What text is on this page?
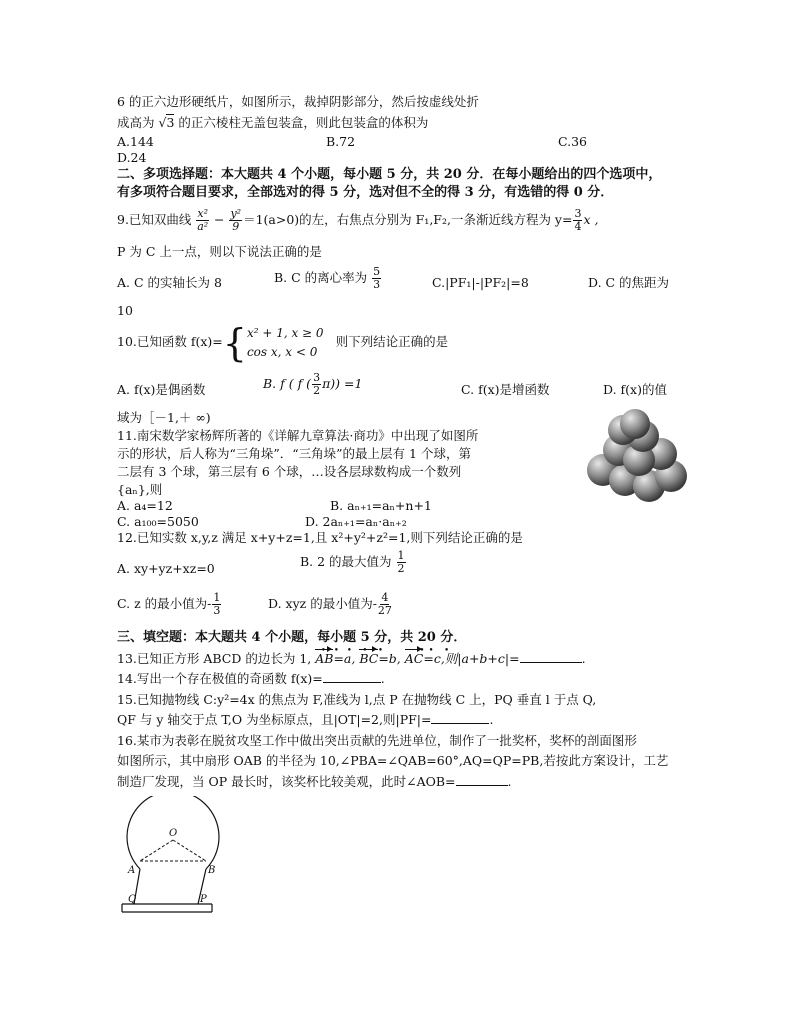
6 的正六边形硬纸片，如图所示，裁掉阴影部分，然后按虚线处折
成高为 √3 的正六棱柱无盖包装盒，则此包装盒的体积为
A.144	B.72	C.36
D.24
二、多项选择题：本大题共 4 个小题，每小题 5 分，共 20 分．在每小题给出的四个选项中，
有多项符合题目要求，全部选对的得 5 分，选对但不全的得 3 分，有选错的得 0 分．
9.已知双曲线 $\frac{\text{x²}}{\text{a²}} - \frac{\text{y²}}{9} =1(a>0)$的左，右焦点分别为 F₁,F₂,一条渐近线方程为 $y= \frac{3}{4}$ x ,
P 为 C 上一点，则以下说法正确的是
A. C 的实轴长为 8	B. C 的离心率为 $\frac{5}{3}$	C.|PF₁|-|PF₂|=8	D. C 的焦距为
10
10.已知函数 f(x)={ x² + 1, x ≥ 0
cos x, x < 0
则下列结论正确的是
A. f(x)是偶函数	B. f ( f ( $\frac{3}{2} \pi)) =1$	C. f(x)是增函数	D. f(x)的值
域为［－1,＋ ∞)
11.南宋数学家杨辉所著的《详解九章算法·商功》中出现了如图所
示的形状，后人称为“三角垛”．“三角垛”的最上层有 1 个球，第
二层有 3 个球，第三层有 6 个球，…设各层球数构成一个数列
{aₙ},则
A. a₄=12	B. aₙ₊₁=aₙ+n+1
C. a₁₀₀=5050	D. 2aₙ₊₁=aₙ·aₙ₊₂
12.已知实数 x,y,z 满足 x+y+z=1,且 x²+y²+z²=1,则下列结论正确的是
A. xy+yz+xz=0	B. 2 的最大值为 $\frac{1}{2}$
C. z 的最小值为- $\frac{1}{3}$	D. xyz 的最小值为- $\frac{4}{27}$
三、填空题：本大题共 4 个小题，每小题 5 分，共 20 分．
13.已知正方形 ABCD 的边长为 1, AB=a, BC=b, AC=c,则|a+b+c|=	.
14.写出一个存在极值的奇函数 f(x)=	.
15.已知抛物线 C:y²=4x 的焦点为 F,准线为 l,点 P 在抛物线 C 上，PQ 垂直 l 于点 Q,
QF 与 y 轴交于点 T,O 为坐标原点，且|OT|=2,则|PF|=	.
16.某市为表彰在脱贫攻坚工作中做出突出贡献的先进单位，制作了一批奖杯，奖杯的剖面图形
如图所示，其中扇形 OAB 的半径为 10,∠PBA=∠QAB=60°,AQ=QP=PB,若按此方案设计，工艺
制造厂发现，当 OP 最长时，该奖杯比较美观，此时∠AOB=	.
O
A	B
Q	P
